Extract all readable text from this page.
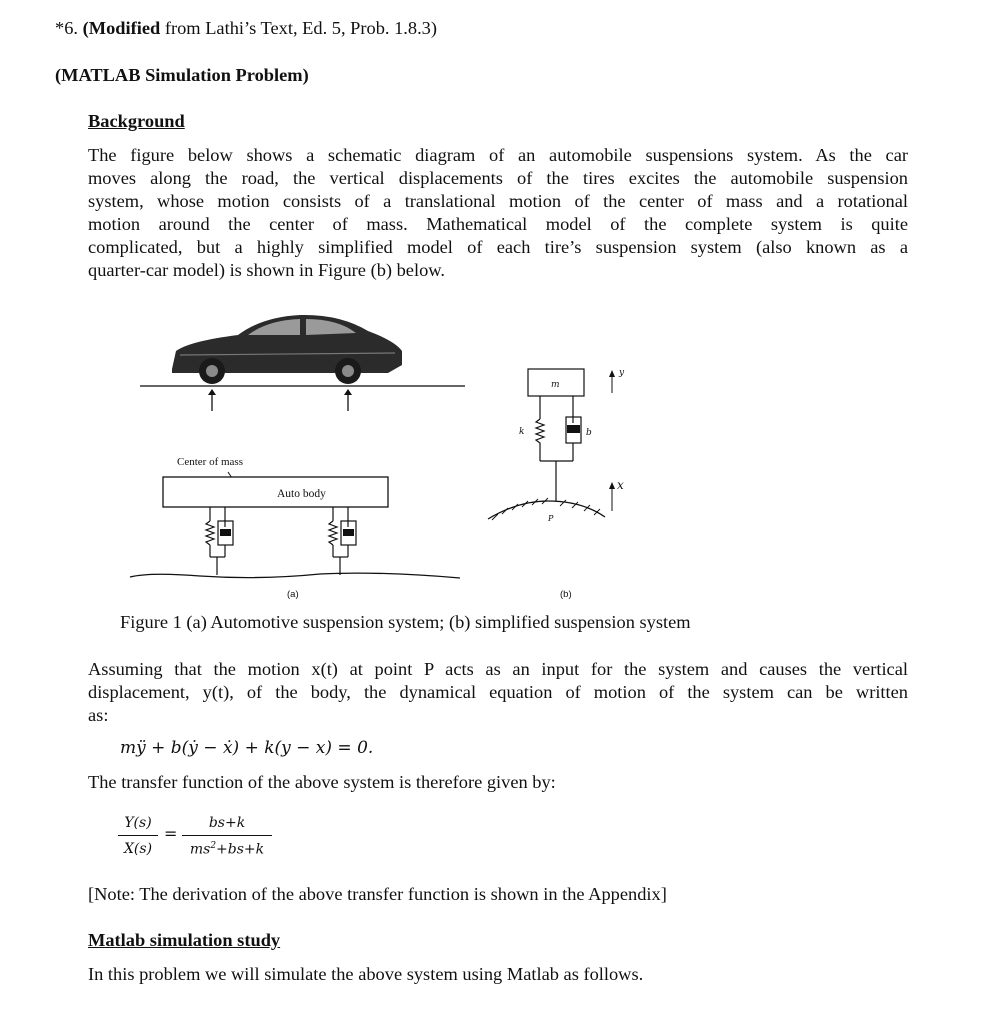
*6. (Modified from Lathi’s Text, Ed. 5, Prob. 1.8.3)
(MATLAB Simulation Problem)
Background
The figure below shows a schematic diagram of an automobile suspensions system. As the car
moves along the road, the vertical displacements of the tires excites the automobile suspension
system, whose motion consists of a translational motion of the center of mass and a rotational
motion around the center of mass. Mathematical model of the complete system is quite
complicated, but a highly simplified model of each tire’s suspension system (also known as a
quarter-car model) is shown in Figure (b) below.
Center of mass
Auto body
(a)
m
y
k	b
P
x
(b)
Figure 1 (a) Automotive suspension system; (b) simplified suspension system
Assuming that the motion x(t) at point P acts as an input for the system and causes the vertical
displacement, y(t), of the body, the dynamical equation of motion of the system can be written
as:
mÿ + b(ẏ − ẋ) + k(y − x) = 0.
The transfer function of the above system is therefore given by:
Y(s)
X(s)
=
bs+k
$ms^2+bs+k$
[Note: The derivation of the above transfer function is shown in the Appendix]
Matlab simulation study
In this problem we will simulate the above system using Matlab as follows.
